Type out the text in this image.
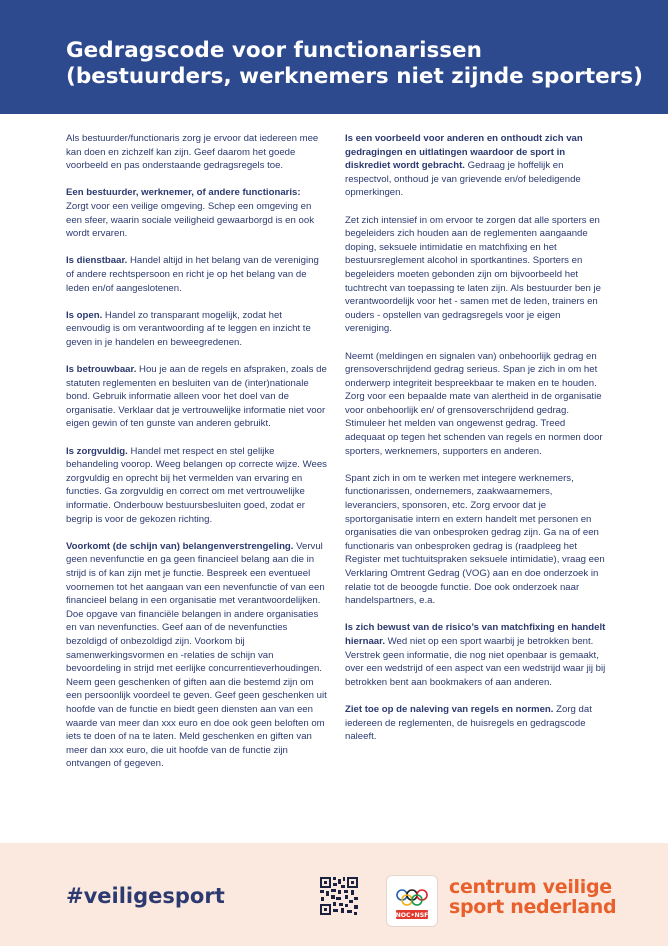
Gedragscode voor functionarissen
(bestuurders, werknemers niet zijnde sporters)

Als bestuurder/functionaris zorg je ervoor dat iedereen mee kan doen en zichzelf kan zijn. Geef daarom het goede voorbeeld en pas onderstaande gedragsregels toe.

Een bestuurder, werknemer, of andere functionaris:
Zorgt voor een veilige omgeving. Schep een omgeving en een sfeer, waarin sociale veiligheid gewaarborgd is en ook wordt ervaren.

Is dienstbaar. Handel altijd in het belang van de vereniging of andere rechtspersoon en richt je op het belang van de leden en/of aangeslotenen.

Is open. Handel zo transparant mogelijk, zodat het eenvoudig is om verantwoording af te leggen en inzicht te geven in je handelen en beweegredenen.

Is betrouwbaar. Hou je aan de regels en afspraken, zoals de statuten reglementen en besluiten van de (inter)nationale bond. Gebruik informatie alleen voor het doel van de organisatie. Verklaar dat je vertrouwelijke informatie niet voor eigen gewin of ten gunste van anderen gebruikt.

Is zorgvuldig. Handel met respect en stel gelijke behandeling voorop. Weeg belangen op correcte wijze. Wees zorgvuldig en oprecht bij het vermelden van ervaring en functies. Ga zorgvuldig en correct om met vertrouwelijke informatie. Onderbouw bestuursbesluiten goed, zodat er begrip is voor de gekozen richting.

Voorkomt (de schijn van) belangenverstrengeling. Vervul geen nevenfunctie en ga geen financieel belang aan die in strijd is of kan zijn met je functie. Bespreek een eventueel voornemen tot het aangaan van een nevenfunctie of van een financieel belang in een organisatie met verantwoordelijken. Doe opgave van financiële belangen in andere organisaties en van nevenfuncties. Geef aan of de nevenfuncties bezoldigd of onbezoldigd zijn. Voorkom bij samenwerkingsvormen en -relaties de schijn van bevoordeling in strijd met eerlijke concurrentieverhoudingen. Neem geen geschenken of giften aan die bestemd zijn om een persoonlijk voordeel te geven. Geef geen geschenken uit hoofde van de functie en biedt geen diensten aan van een waarde van meer dan xxx euro en doe ook geen beloften om iets te doen of na te laten. Meld geschenken en giften van meer dan xxx euro, die uit hoofde van de functie zijn ontvangen of gegeven.

Is een voorbeeld voor anderen en onthoudt zich van gedragingen en uitlatingen waardoor de sport in diskrediet wordt gebracht. Gedraag je hoffelijk en respectvol, onthoud je van grievende en/of beledigende opmerkingen.

Zet zich intensief in om ervoor te zorgen dat alle sporters en begeleiders zich houden aan de reglementen aangaande doping, seksuele intimidatie en matchfixing en het bestuursreglement alcohol in sportkantines. Sporters en begeleiders moeten gebonden zijn om bijvoorbeeld het tuchtrecht van toepassing te laten zijn. Als bestuurder ben je verantwoordelijk voor het - samen met de leden, trainers en ouders - opstellen van gedragsregels voor je eigen vereniging.

Neemt (meldingen en signalen van) onbehoorlijk gedrag en grensoverschrijdend gedrag serieus. Span je zich in om het onderwerp integriteit bespreekbaar te maken en te houden. Zorg voor een bepaalde mate van alertheid in de organisatie voor onbehoorlijk en/ of grensoverschrijdend gedrag. Stimuleer het melden van ongewenst gedrag. Treed adequaat op tegen het schenden van regels en normen door sporters, werknemers, supporters en anderen.

Spant zich in om te werken met integere werknemers, functionarissen, ondernemers, zaakwaarnemers, leveranciers, sponsoren, etc. Zorg ervoor dat je sportorganisatie intern en extern handelt met personen en organisaties die van onbesproken gedrag zijn. Ga na of een functionaris van onbesproken gedrag is (raadpleeg het Register met tuchtuitspraken seksuele intimidatie), vraag een Verklaring Omtrent Gedrag (VOG) aan en doe onderzoek in relatie tot de beoogde functie. Doe ook onderzoek naar handelspartners, e.a.

Is zich bewust van de risico’s van matchfixing en handelt hiernaar. Wed niet op een sport waarbij je betrokken bent. Verstrek geen informatie, die nog niet openbaar is gemaakt, over een wedstrijd of een aspect van een wedstrijd waar jij bij betrokken bent aan bookmakers of aan anderen.

Ziet toe op de naleving van regels en normen. Zorg dat iedereen de reglementen, de huisregels en gedragscode naleeft.

#veiligesport
NOC•NSF
centrum veilige
sport nederland
